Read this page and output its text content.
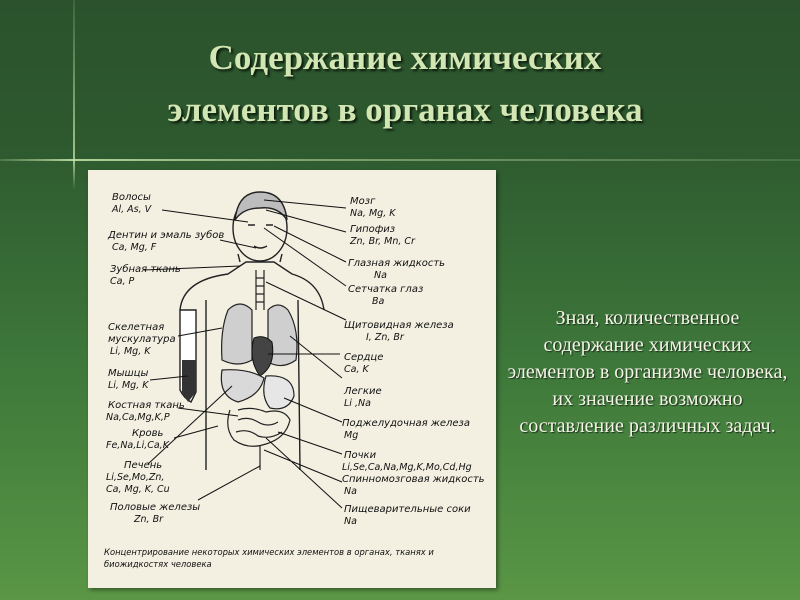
Содержание химических
элементов в органах человека
Волосы
Al, As, V
Дентин и эмаль зубов
Ca, Mg, F
Зубная ткань
Ca, P
Скелетная
мускулатура
Li, Mg, K
Мышцы
Li, Mg, K
Костная ткань
Na,Ca,Mg,K,P
Кровь
Fe,Na,Li,Ca,K
Печень
Li,Se,Mo,Zn,
Ca, Mg, K, Cu
Половые железы
Zn, Br
Мозг
Na, Mg, K
Гипофиз
Zn, Br, Mn, Cr
Глазная жидкость
Na
Сетчатка глаз
Ba
Щитовидная железа
I, Zn, Br
Сердце
Ca, K
Легкие
Li ,Na
Поджелудочная железа
Mg
Почки
Li,Se,Ca,Na,Mg,K,Mo,Cd,Hg
Спинномозговая жидкость
Na
Пищеварительные соки
Na
Концентрирование некоторых химических элементов в органах, тканях и биожидкостях человека
Зная, количественное содержание химических элементов в организме человека, их значение возможно составление различных задач.
